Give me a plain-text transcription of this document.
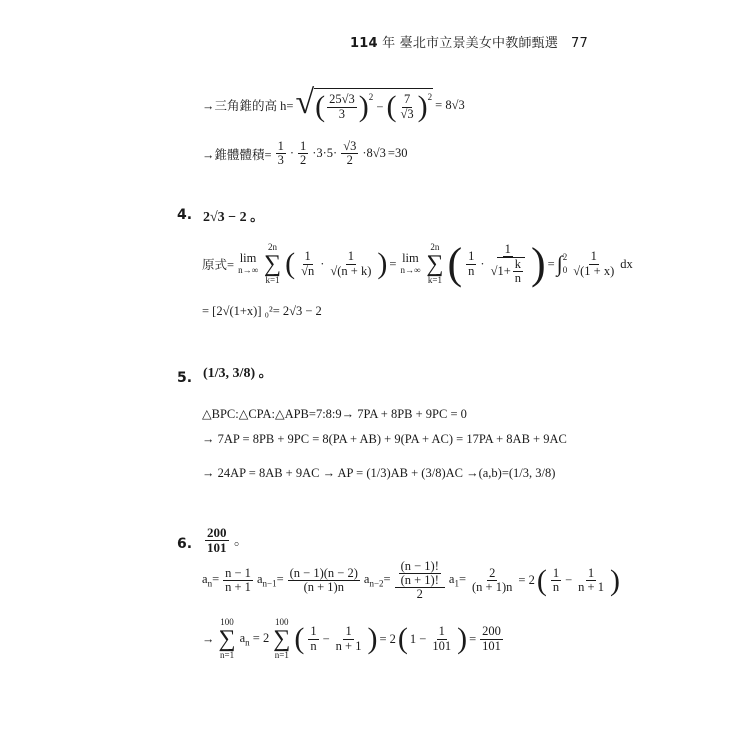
114 年 臺北市立景美女中教師甄選 77
→三角錐的高 h= √ ( $\frac{25√3}{3} )^2$
− ( $\frac{7}{√3} )^2$
= 8√3
→錐體體積= $\frac{1}{3} \cdot \frac{1}{2} \cdot 3\cdot 5\cdot \frac{√3}{2} \cdot 8√3 =30$
4. 2√3 − 2 。
原式= lim
n→∞
2n
∑
k=1 ( $\frac{1}{√n} \cdot \frac{1}{√(n + k)}$ ) = lim
n→∞
2n
∑
k=1 ( $\frac{1}{n} \cdot \frac{1}{√ 1+ \frac{k}{n}}$ ) = ∫ 2
$0 \frac{1}{√(1 + x)}$ dx
= [2√(1+x)] ₀²= 2√3 − 2
5. (1/3, 3/8) 。
△BPC:△CPA:△APB=7:8:9→ 7PA + 8PB + 9PC = 0
→ 7AP = 8PB + 9PC = 8(PA + AB) + 9(PA + AC) = 17PA + 8AB + 9AC
→ 24AP = 8AB + 9AC → AP = (1/3)AB + (3/8)AC →(a,b)=(1/3, 3/8)
6. $\frac{200}{101}$
。
$a_n= \frac{n - 1}{n + 1} a_{n-1}= \frac{(n - 1)(n - 2)}{(n + 1)n} a_{n-2}= \frac{\frac{(n - 1)!}{(n + 1)!}}{2} a_1= \frac{2}{(n + 1)n} = 2$ ( $\frac{1}{n} - \frac{1}{n + 1}$ )
→
100
∑
n=1
$a_n = 2$
100
∑
n=1 ( $\frac{1}{n} - \frac{1}{n + 1}$ ) = 2 ( $1 - \frac{1}{101}$ ) = $\frac{200}{101}$
